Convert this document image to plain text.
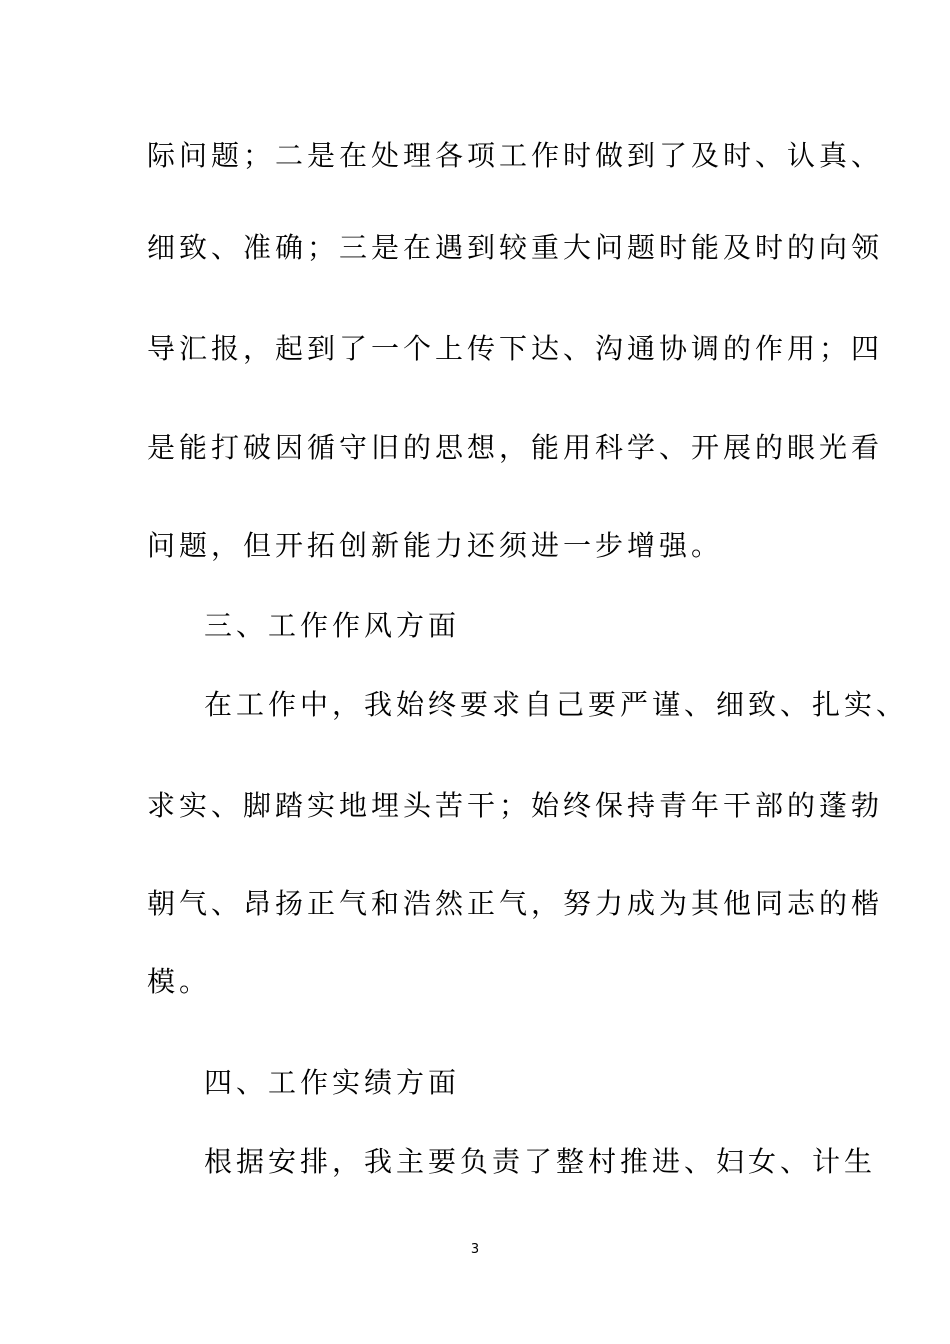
际问题；二是在处理各项工作时做到了及时、认真、
细致、准确；三是在遇到较重大问题时能及时的向领
导汇报，起到了一个上传下达、沟通协调的作用；四
是能打破因循守旧的思想，能用科学、开展的眼光看
问题，但开拓创新能力还须进一步增强。
三、工作作风方面
在工作中，我始终要求自己要严谨、细致、扎实、
求实、脚踏实地埋头苦干；始终保持青年干部的蓬勃
朝气、昂扬正气和浩然正气，努力成为其他同志的楷
模。
四、工作实绩方面
根据安排，我主要负责了整村推进、妇女、计生
3
